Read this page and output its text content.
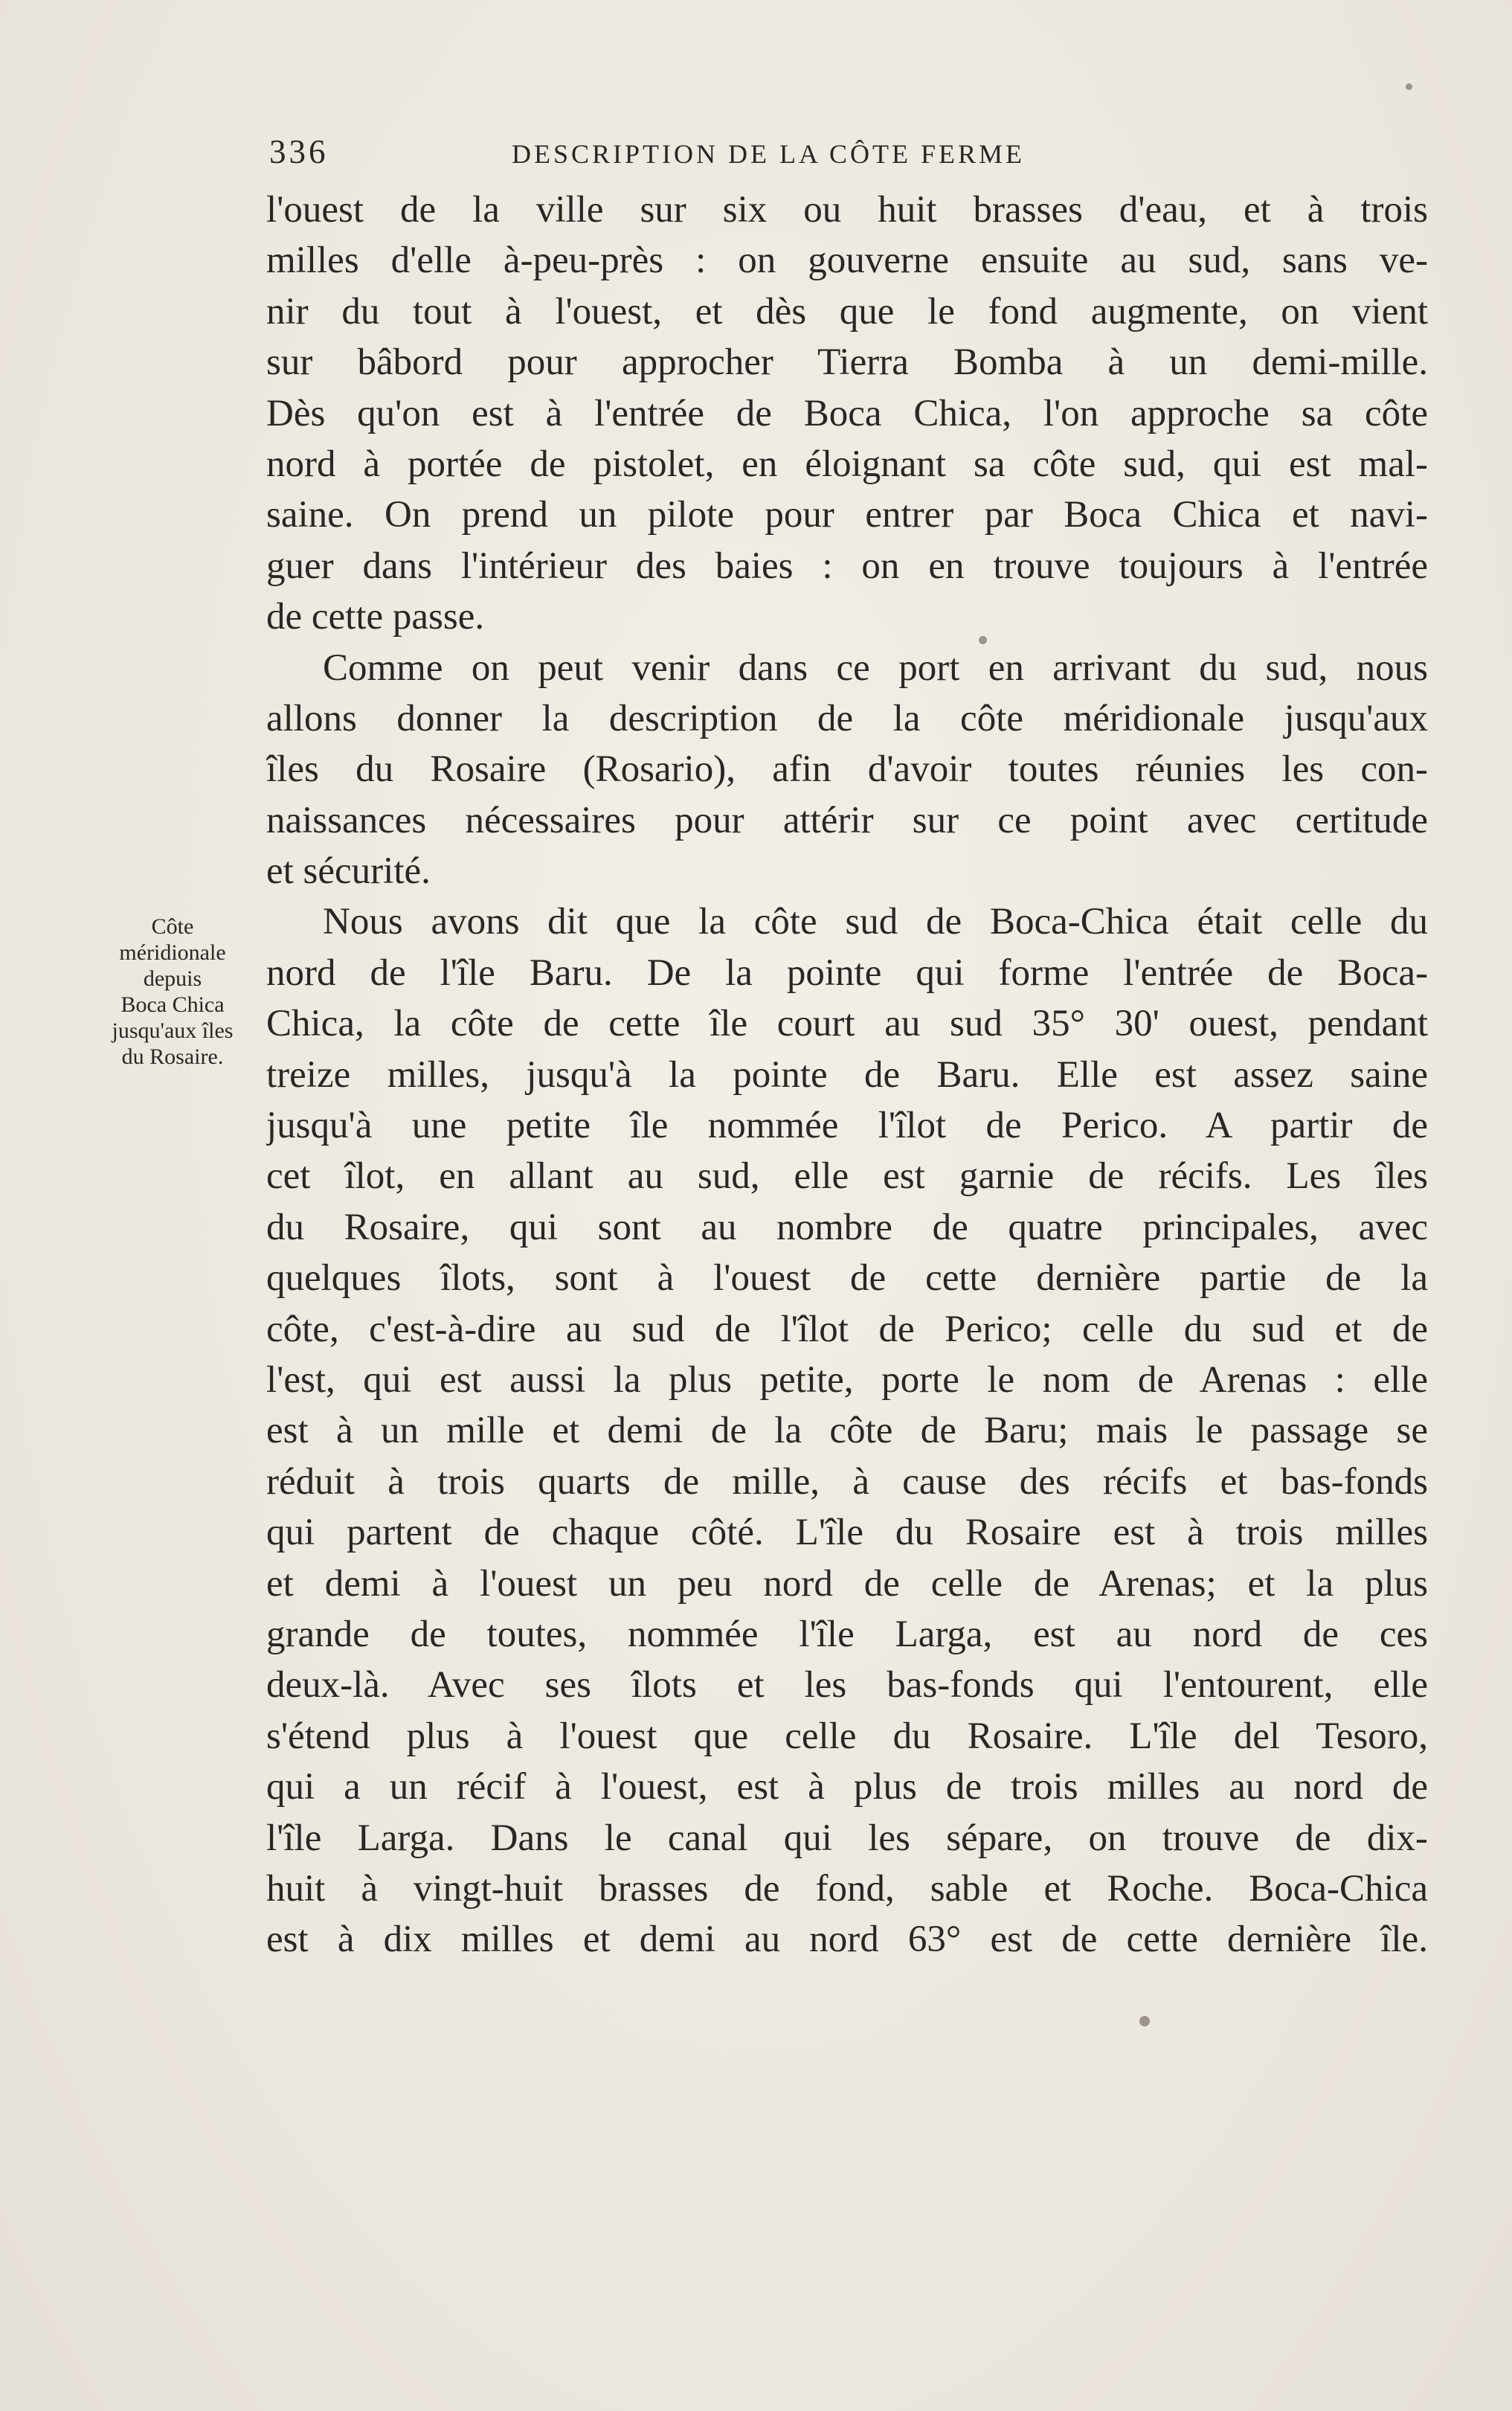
336	DESCRIPTION DE LA CÔTE FERME
Côte
méridionale
depuis
Boca Chica
jusqu'aux îles
du Rosaire.
l'ouest de la ville sur six ou huit brasses d'eau, et à trois
milles d'elle à-peu-près : on gouverne ensuite au sud, sans ve-
nir du tout à l'ouest, et dès que le fond augmente, on vient
sur bâbord pour approcher Tierra Bomba à un demi-mille.
Dès qu'on est à l'entrée de Boca Chica, l'on approche sa côte
nord à portée de pistolet, en éloignant sa côte sud, qui est mal-
saine. On prend un pilote pour entrer par Boca Chica et navi-
guer dans l'intérieur des baies : on en trouve toujours à l'entrée
de cette passe.
Comme on peut venir dans ce port en arrivant du sud, nous
allons donner la description de la côte méridionale jusqu'aux
îles du Rosaire (Rosario), afin d'avoir toutes réunies les con-
naissances nécessaires pour attérir sur ce point avec certitude
et sécurité.
Nous avons dit que la côte sud de Boca-Chica était celle du
nord de l'île Baru. De la pointe qui forme l'entrée de Boca-
Chica, la côte de cette île court au sud 35° 30' ouest, pendant
treize milles, jusqu'à la pointe de Baru. Elle est assez saine
jusqu'à une petite île nommée l'îlot de Perico. A partir de
cet îlot, en allant au sud, elle est garnie de récifs. Les îles
du Rosaire, qui sont au nombre de quatre principales, avec
quelques îlots, sont à l'ouest de cette dernière partie de la
côte, c'est-à-dire au sud de l'îlot de Perico; celle du sud et de
l'est, qui est aussi la plus petite, porte le nom de Arenas : elle
est à un mille et demi de la côte de Baru; mais le passage se
réduit à trois quarts de mille, à cause des récifs et bas-fonds
qui partent de chaque côté. L'île du Rosaire est à trois milles
et demi à l'ouest un peu nord de celle de Arenas; et la plus
grande de toutes, nommée l'île Larga, est au nord de ces
deux-là. Avec ses îlots et les bas-fonds qui l'entourent, elle
s'étend plus à l'ouest que celle du Rosaire. L'île del Tesoro,
qui a un récif à l'ouest, est à plus de trois milles au nord de
l'île Larga. Dans le canal qui les sépare, on trouve de dix-
huit à vingt-huit brasses de fond, sable et Roche. Boca-Chica
est à dix milles et demi au nord 63° est de cette dernière île.
